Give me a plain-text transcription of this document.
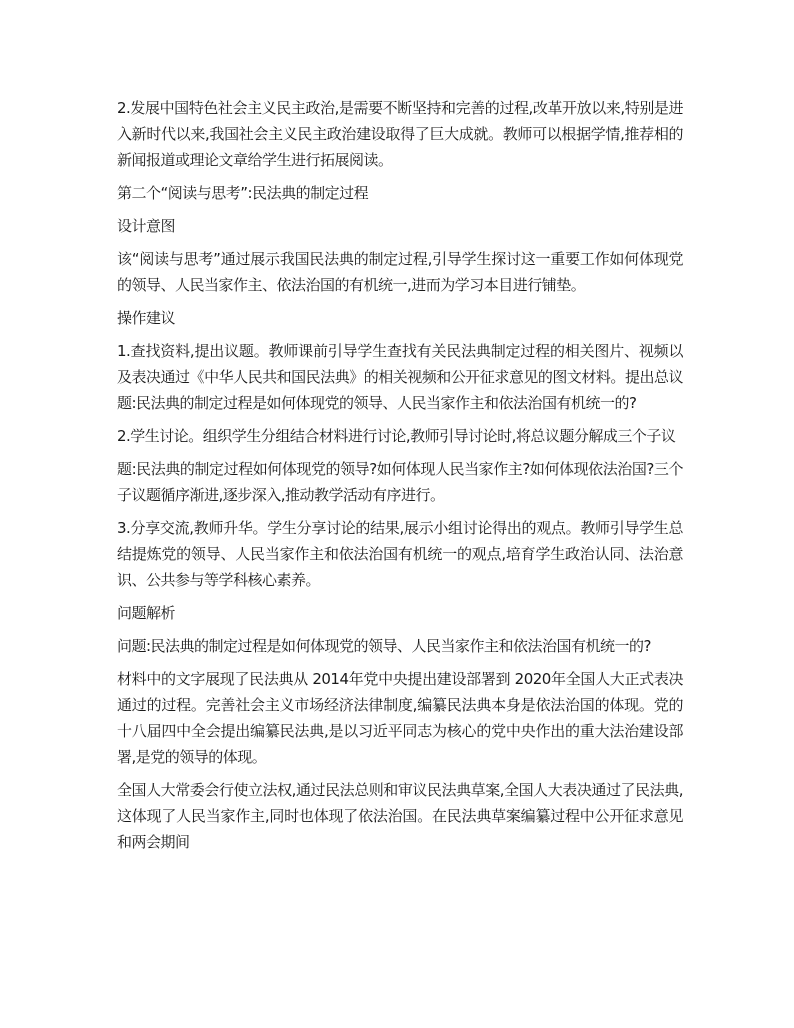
2.发展中国特色社会主义民主政治,是需要不断坚持和完善的过程,改革开放以来,特别是进入新时代以来,我国社会主义民主政治建设取得了巨大成就。教师可以根据学情,推荐相的新闻报道或理论文章给学生进行拓展阅读。

第二个“阅读与思考”:民法典的制定过程

设计意图

该“阅读与思考”通过展示我国民法典的制定过程,引导学生探讨这一重要工作如何体现党的领导、人民当家作主、依法治国的有机统一,进而为学习本目进行铺垫。

操作建议

1.查找资料,提出议题。教师课前引导学生查找有关民法典制定过程的相关图片、视频以及表决通过《中华人民共和国民法典》的相关视频和公开征求意见的图文材料。提出总议题:民法典的制定过程是如何体现党的领导、人民当家作主和依法治国有机统一的?

2.学生讨论。组织学生分组结合材料进行讨论,教师引导讨论时,将总议题分解成三个子议

题:民法典的制定过程如何体现党的领导?如何体现人民当家作主?如何体现依法治国?三个子议题循序渐进,逐步深入,推动教学活动有序进行。

3.分享交流,教师升华。学生分享讨论的结果,展示小组讨论得出的观点。教师引导学生总结提炼党的领导、人民当家作主和依法治国有机统一的观点,培育学生政治认同、法治意识、公共参与等学科核心素养。

问题解析

问题:民法典的制定过程是如何体现党的领导、人民当家作主和依法治国有机统一的?

材料中的文字展现了民法典从 2014年党中央提出建设部署到 2020年全国人大正式表决通过的过程。完善社会主义市场经济法律制度,编纂民法典本身是依法治国的体现。党的十八届四中全会提出编纂民法典,是以习近平同志为核心的党中央作出的重大法治建设部署,是党的领导的体现。

全国人大常委会行使立法权,通过民法总则和审议民法典草案,全国人大表决通过了民法典,这体现了人民当家作主,同时也体现了依法治国。在民法典草案编纂过程中公开征求意见和两会期间
